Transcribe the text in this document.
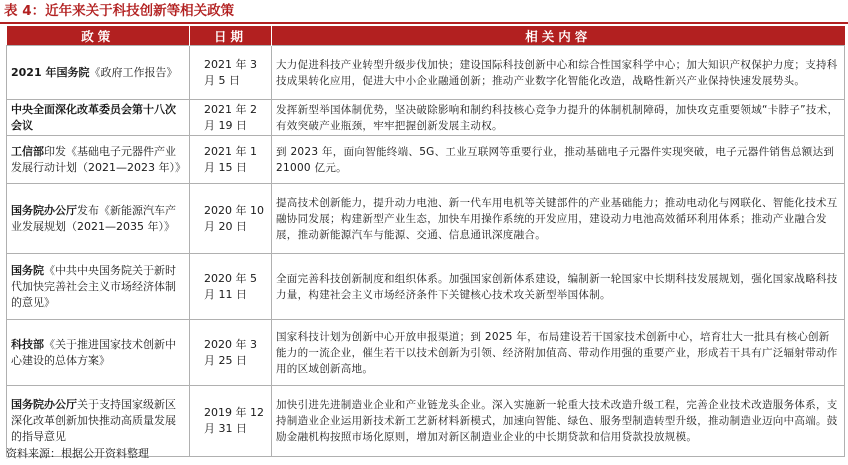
表 4：近年来关于科技创新等相关政策
政策	日期	相关内容
2021 年国务院《政府工作报告》	2021 年 3 月 5 日	大力促进科技产业转型升级步伐加快；建设国际科技创新中心和综合性国家科学中心；加大知识产权保护力度；支持科技成果转化应用，促进大中小企业融通创新；推动产业数字化智能化改造，战略性新兴产业保持快速发展势头。
中央全面深化改革委员会第十八次会议	2021 年 2 月 19 日	发挥新型举国体制优势，坚决破除影响和制约科技核心竞争力提升的体制机制障碍，加快攻克重要领域“卡脖子”技术，有效突破产业瓶颈，牢牢把握创新发展主动权。
工信部印发《基础电子元器件产业发展行动计划（2021—2023 年）》	2021 年 1 月 15 日	到 2023 年，面向智能终端、5G、工业互联网等重要行业，推动基础电子元器件实现突破，电子元器件销售总额达到 21000 亿元。
国务院办公厅发布《新能源汽车产业发展规划（2021—2035 年）》	2020 年 10 月 20 日	提高技术创新能力，提升动力电池、新一代车用电机等关键部件的产业基础能力；推动电动化与网联化、智能化技术互融协同发展；构建新型产业生态，加快车用操作系统的开发应用，建设动力电池高效循环利用体系；推动产业融合发展，推动新能源汽车与能源、交通、信息通讯深度融合。
国务院《中共中央国务院关于新时代加快完善社会主义市场经济体制的意见》	2020 年 5 月 11 日	全面完善科技创新制度和组织体系。加强国家创新体系建设，编制新一轮国家中长期科技发展规划，强化国家战略科技力量，构建社会主义市场经济条件下关键核心技术攻关新型举国体制。
科技部《关于推进国家技术创新中心建设的总体方案》	2020 年 3 月 25 日	国家科技计划为创新中心开放申报渠道；到 2025 年，布局建设若干国家技术创新中心，培育壮大一批具有核心创新能力的一流企业，催生若干以技术创新为引领、经济附加值高、带动作用强的重要产业，形成若干具有广泛辐射带动作用的区域创新高地。
国务院办公厅关于支持国家级新区深化改革创新加快推动高质量发展的指导意见	2019 年 12 月 31 日	加快引进先进制造业企业和产业链龙头企业。深入实施新一轮重大技术改造升级工程，完善企业技术改造服务体系，支持制造业企业运用新技术新工艺新材料新模式，加速向智能、绿色、服务型制造转型升级，推动制造业迈向中高端。鼓励金融机构按照市场化原则，增加对新区制造业企业的中长期贷款和信用贷款投放规模。
资料来源：根据公开资料整理
